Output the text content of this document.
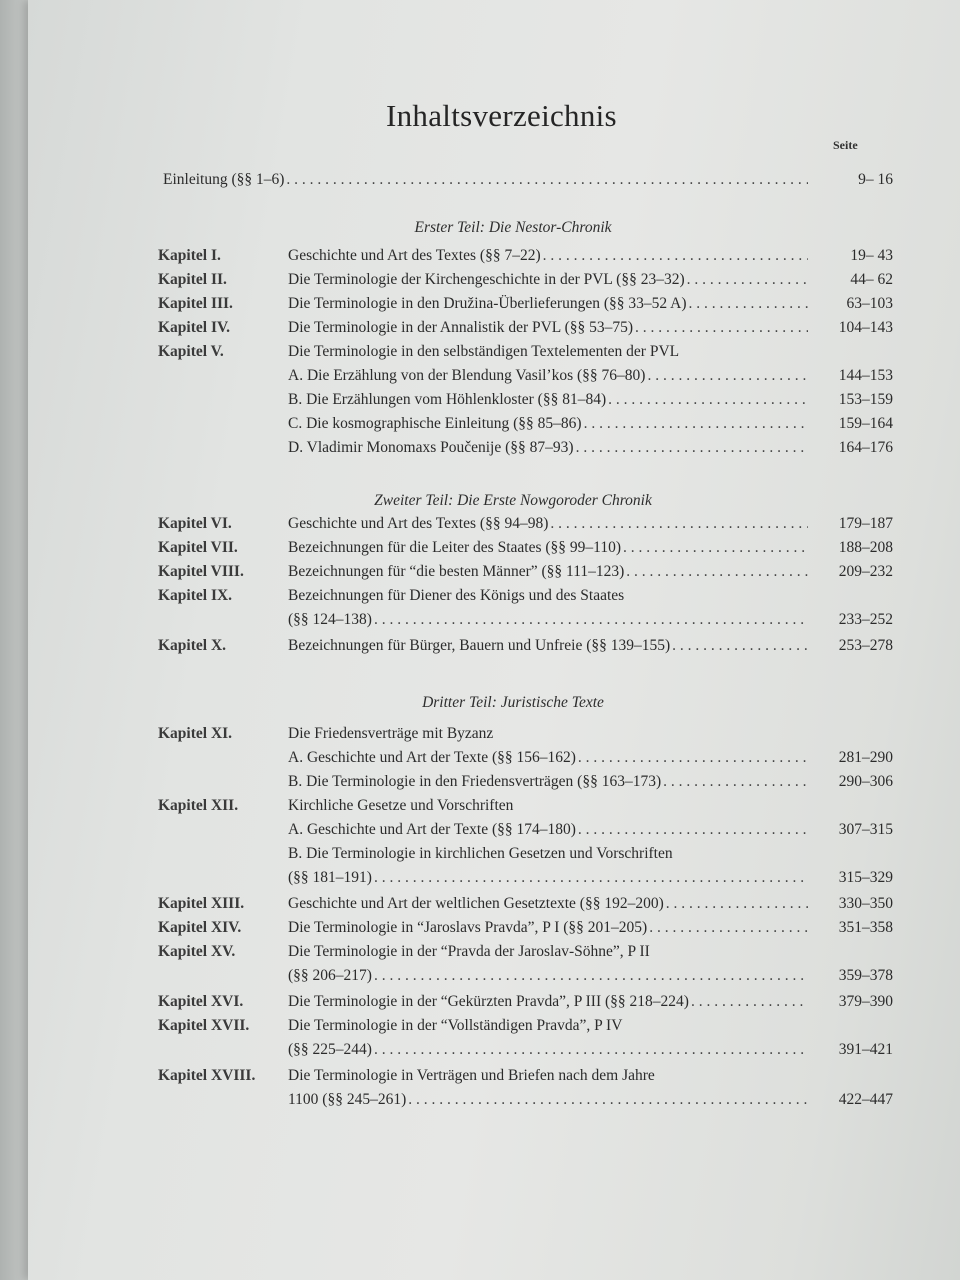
Inhaltsverzeichnis
Seite
Einleitung (§§ 1–6) . . .	9– 16
Erster Teil: Die Nestor-Chronik
Zweiter Teil: Die Erste Nowgoroder Chronik
Dritter Teil: Juristische Texte
Kapitel I.	Geschichte und Art des Textes (§§ 7–22) . . .	19– 43
Kapitel II.	Die Terminologie der Kirchengeschichte in der PVL (§§ 23–32) . . .	44– 62
Kapitel III.	Die Terminologie in den Družina-Überlieferungen (§§ 33–52 A) . . .	63–103
Kapitel IV.	Die Terminologie in der Annalistik der PVL (§§ 53–75) . . .	104–143
Kapitel V.	Die Terminologie in den selbständigen Textelementen der PVL
A. Die Erzählung von der Blendung Vasil’kos (§§ 76–80) . . .	144–153
B. Die Erzählungen vom Höhlenkloster (§§ 81–84) . . .	153–159
C. Die kosmographische Einleitung (§§ 85–86) . . .	159–164
D. Vladimir Monomaxs Poučenije (§§ 87–93) . . .	164–176
Kapitel VI.	Geschichte und Art des Textes (§§ 94–98) . . .	179–187
Kapitel VII.	Bezeichnungen für die Leiter des Staates (§§ 99–110) . . .	188–208
Kapitel VIII.	Bezeichnungen für “die besten Männer” (§§ 111–123) . . .	209–232
Kapitel IX.	Bezeichnungen für Diener des Königs und des Staates
(§§ 124–138) . . .	233–252
Kapitel X.	Bezeichnungen für Bürger, Bauern und Unfreie (§§ 139–155) . . .	253–278
Kapitel XI.	Die Friedensverträge mit Byzanz
A. Geschichte und Art der Texte (§§ 156–162) . . .	281–290
B. Die Terminologie in den Friedensverträgen (§§ 163–173) . . .	290–306
Kapitel XII.	Kirchliche Gesetze und Vorschriften
A. Geschichte und Art der Texte (§§ 174–180) . . .	307–315
B. Die Terminologie in kirchlichen Gesetzen und Vorschriften
(§§ 181–191) . . .	315–329
Kapitel XIII.	Geschichte und Art der weltlichen Gesetztexte (§§ 192–200) . . .	330–350
Kapitel XIV.	Die Terminologie in “Jaroslavs Pravda”, P I (§§ 201–205) . . .	351–358
Kapitel XV.	Die Terminologie in der “Pravda der Jaroslav-Söhne”, P II
(§§ 206–217) . . .	359–378
Kapitel XVI.	Die Terminologie in der “Gekürzten Pravda”, P III (§§ 218–224) . . .	379–390
Kapitel XVII. Die Terminologie in der “Vollständigen Pravda”, P IV
(§§ 225–244) . . .	391–421
Kapitel XVIII. Die Terminologie in Verträgen und Briefen nach dem Jahre
1100 (§§ 245–261) . . .	422–447
